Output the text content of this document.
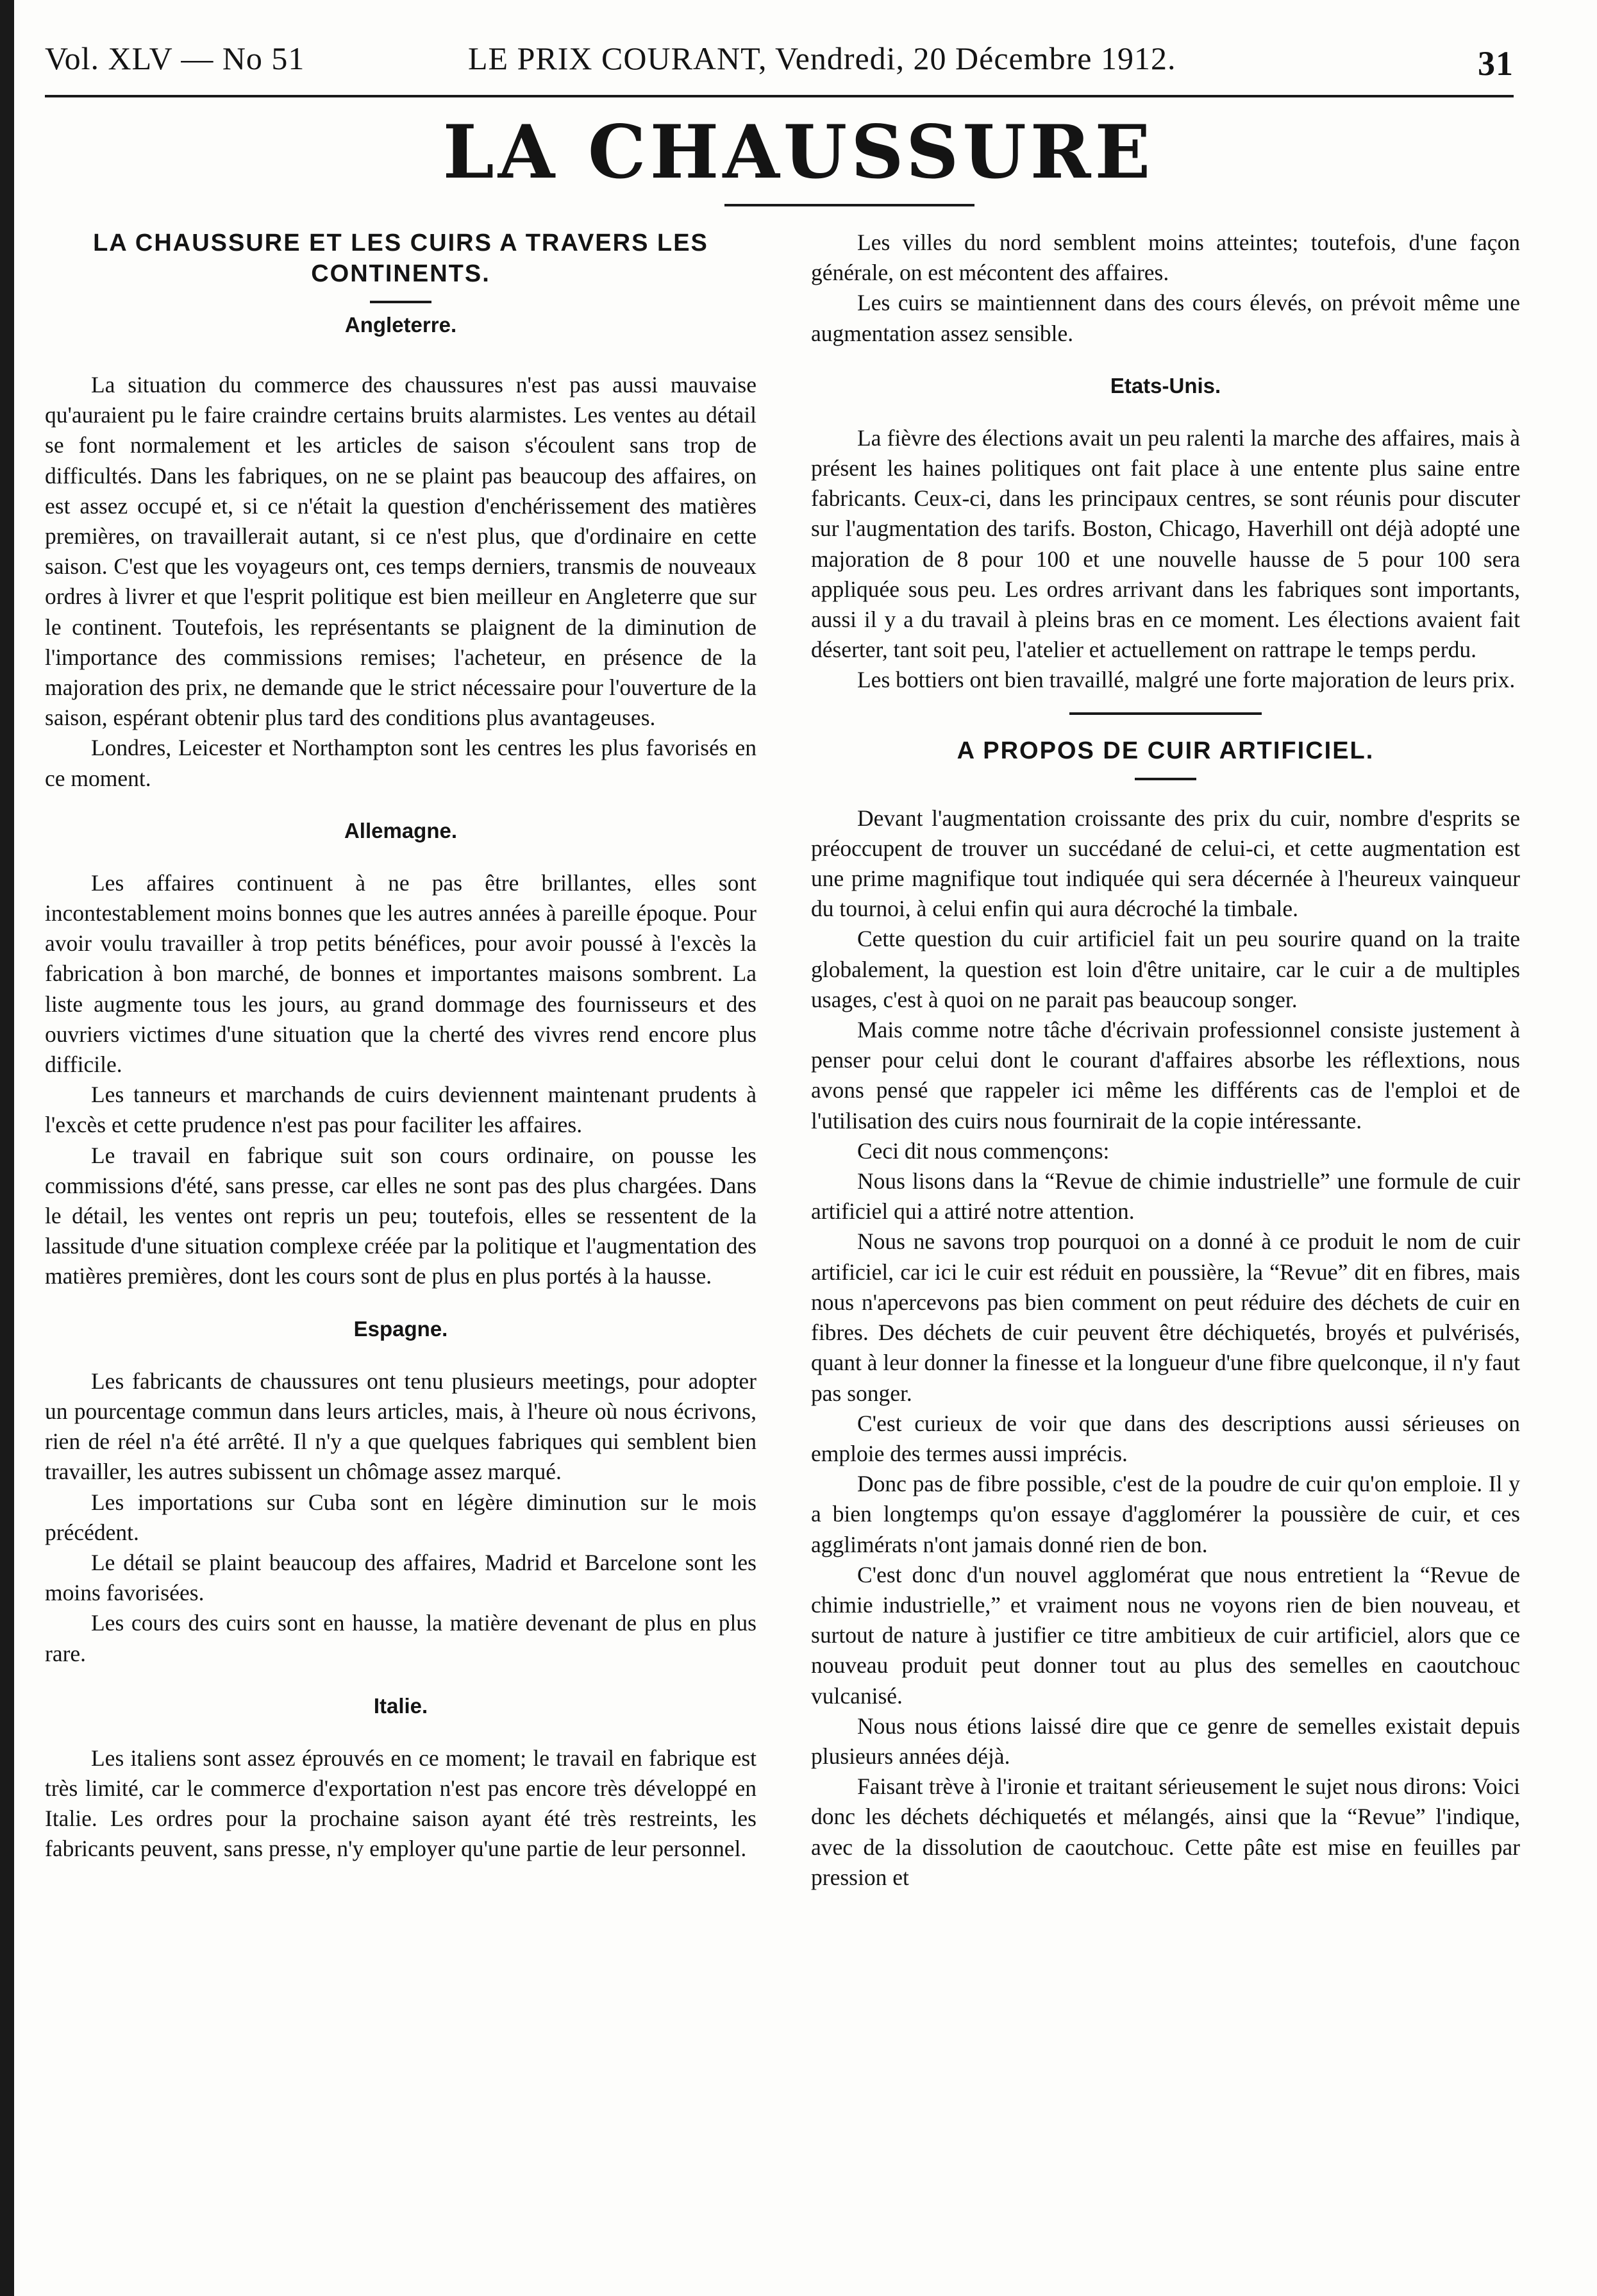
Vol. XLV — No 51	LE PRIX COURANT, Vendredi, 20 Décembre 1912.	31
LA CHAUSSURE
LA CHAUSSURE ET LES CUIRS A TRAVERS LES CONTINENTS.
Angleterre.

La situation du commerce des chaussures n'est pas aussi mauvaise qu'auraient pu le faire craindre certains bruits alarmistes. Les ventes au détail se font normalement et les articles de saison s'écoulent sans trop de difficultés. Dans les fabriques, on ne se plaint pas beaucoup des affaires, on est assez occupé et, si ce n'était la question d'enchérissement des matières premières, on travaillerait autant, si ce n'est plus, que d'ordinaire en cette saison. C'est que les voyageurs ont, ces temps derniers, transmis de nouveaux ordres à livrer et que l'esprit politique est bien meilleur en Angleterre que sur le continent. Toutefois, les représentants se plaignent de la diminution de l'importance des commissions remises; l'acheteur, en présence de la majoration des prix, ne demande que le strict nécessaire pour l'ouverture de la saison, espérant obtenir plus tard des conditions plus avantageuses.

Londres, Leicester et Northampton sont les centres les plus favorisés en ce moment.

Allemagne.

Les affaires continuent à ne pas être brillantes, elles sont incontestablement moins bonnes que les autres années à pareille époque. Pour avoir voulu travailler à trop petits bénéfices, pour avoir poussé à l'excès la fabrication à bon marché, de bonnes et importantes maisons sombrent. La liste augmente tous les jours, au grand dommage des fournisseurs et des ouvriers victimes d'une situation que la cherté des vivres rend encore plus difficile.

Les tanneurs et marchands de cuirs deviennent maintenant prudents à l'excès et cette prudence n'est pas pour faciliter les affaires.

Le travail en fabrique suit son cours ordinaire, on pousse les commissions d'été, sans presse, car elles ne sont pas des plus chargées. Dans le détail, les ventes ont repris un peu; toutefois, elles se ressentent de la lassitude d'une situation complexe créée par la politique et l'augmentation des matières premières, dont les cours sont de plus en plus portés à la hausse.

Espagne.

Les fabricants de chaussures ont tenu plusieurs meetings, pour adopter un pourcentage commun dans leurs articles, mais, à l'heure où nous écrivons, rien de réel n'a été arrêté. Il n'y a que quelques fabriques qui semblent bien travailler, les autres subissent un chômage assez marqué.

Les importations sur Cuba sont en légère diminution sur le mois précédent.

Le détail se plaint beaucoup des affaires, Madrid et Barcelone sont les moins favorisées.

Les cours des cuirs sont en hausse, la matière devenant de plus en plus rare.

Italie.

Les italiens sont assez éprouvés en ce moment; le travail en fabrique est très limité, car le commerce d'exportation n'est pas encore très développé en Italie. Les ordres pour la prochaine saison ayant été très restreints, les fabricants peuvent, sans presse, n'y employer qu'une partie de leur personnel.

Les villes du nord semblent moins atteintes; toutefois, d'une façon générale, on est mécontent des affaires.

Les cuirs se maintiennent dans des cours élevés, on prévoit même une augmentation assez sensible.

Etats-Unis.

La fièvre des élections avait un peu ralenti la marche des affaires, mais à présent les haines politiques ont fait place à une entente plus saine entre fabricants. Ceux-ci, dans les principaux centres, se sont réunis pour discuter sur l'augmentation des tarifs. Boston, Chicago, Haverhill ont déjà adopté une majoration de 8 pour 100 et une nouvelle hausse de 5 pour 100 sera appliquée sous peu. Les ordres arrivant dans les fabriques sont importants, aussi il y a du travail à pleins bras en ce moment. Les élections avaient fait déserter, tant soit peu, l'atelier et actuellement on rattrape le temps perdu.

Les bottiers ont bien travaillé, malgré une forte majoration de leurs prix.

A PROPOS DE CUIR ARTIFICIEL.

Devant l'augmentation croissante des prix du cuir, nombre d'esprits se préoccupent de trouver un succédané de celui-ci, et cette augmentation est une prime magnifique tout indiquée qui sera décernée à l'heureux vainqueur du tournoi, à celui enfin qui aura décroché la timbale.

Cette question du cuir artificiel fait un peu sourire quand on la traite globalement, la question est loin d'être unitaire, car le cuir a de multiples usages, c'est à quoi on ne parait pas beaucoup songer.

Mais comme notre tâche d'écrivain professionnel consiste justement à penser pour celui dont le courant d'affaires absorbe les réflextions, nous avons pensé que rappeler ici même les différents cas de l'emploi et de l'utilisation des cuirs nous fournirait de la copie intéressante.

Ceci dit nous commençons:

Nous lisons dans la “Revue de chimie industrielle” une formule de cuir artificiel qui a attiré notre attention.

Nous ne savons trop pourquoi on a donné à ce produit le nom de cuir artificiel, car ici le cuir est réduit en poussière, la “Revue” dit en fibres, mais nous n'apercevons pas bien comment on peut réduire des déchets de cuir en fibres. Des déchets de cuir peuvent être déchiquetés, broyés et pulvérisés, quant à leur donner la finesse et la longueur d'une fibre quelconque, il n'y faut pas songer.

C'est curieux de voir que dans des descriptions aussi sérieuses on emploie des termes aussi imprécis.

Donc pas de fibre possible, c'est de la poudre de cuir qu'on emploie. Il y a bien longtemps qu'on essaye d'agglomérer la poussière de cuir, et ces agglimérats n'ont jamais donné rien de bon.

C'est donc d'un nouvel agglomérat que nous entretient la “Revue de chimie industrielle,” et vraiment nous ne voyons rien de bien nouveau, et surtout de nature à justifier ce titre ambitieux de cuir artificiel, alors que ce nouveau produit peut donner tout au plus des semelles en caoutchouc vulcanisé.

Nous nous étions laissé dire que ce genre de semelles existait depuis plusieurs années déjà.

Faisant trève à l'ironie et traitant sérieusement le sujet nous dirons: Voici donc les déchets déchiquetés et mélangés, ainsi que la “Revue” l'indique, avec de la dissolution de caoutchouc. Cette pâte est mise en feuilles par pression et
